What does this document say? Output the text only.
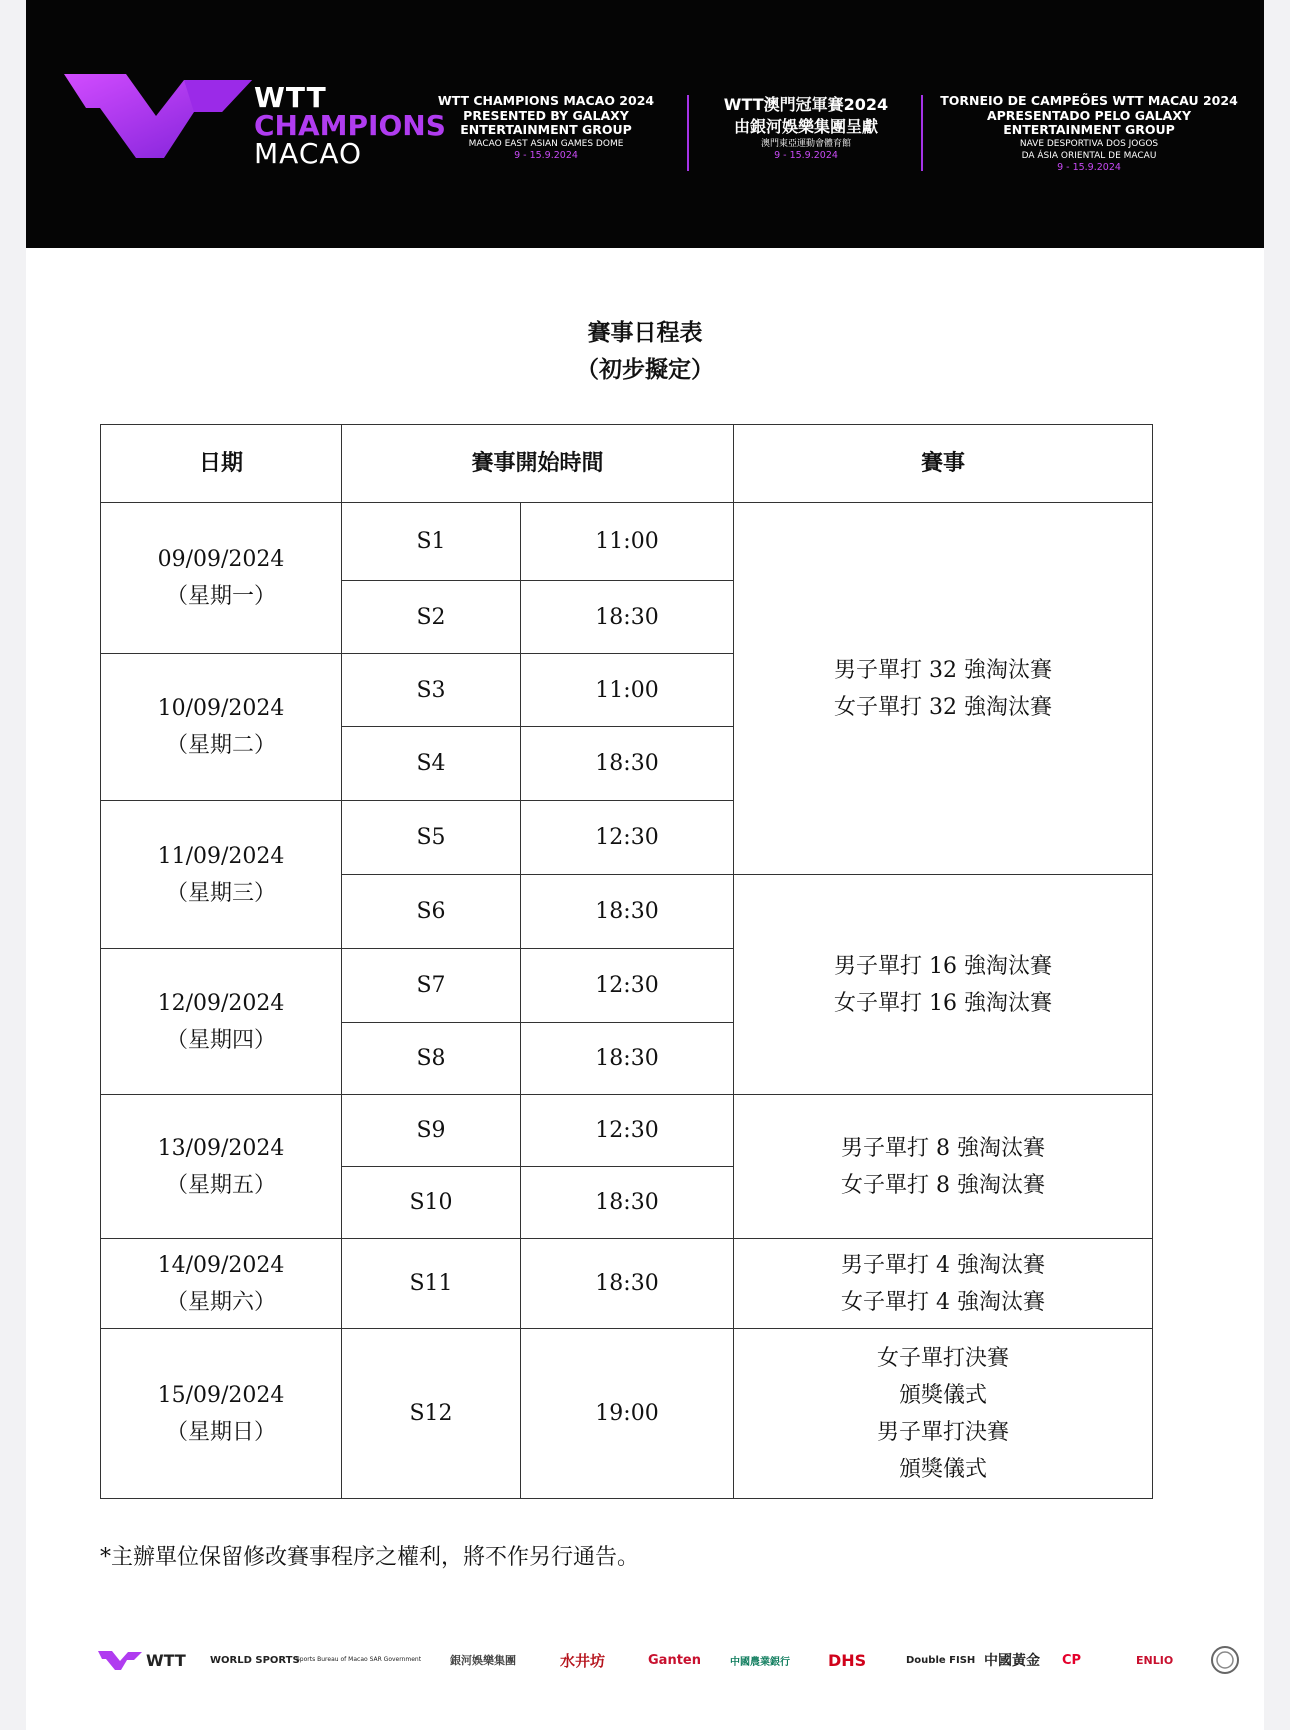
WTT
CHAMPIONS
MACAO
WTT CHAMPIONS MACAO 2024
PRESENTED BY GALAXY
ENTERTAINMENT GROUP
MACAO EAST ASIAN GAMES DOME
9 - 15.9.2024
WTT澳門冠軍賽2024
由銀河娛樂集團呈獻
澳門東亞運動會體育館
9 - 15.9.2024
TORNEIO DE CAMPEÕES WTT MACAU 2024
APRESENTADO PELO GALAXY
ENTERTAINMENT GROUP
NAVE DESPORTIVA DOS JOGOS
DA ÁSIA ORIENTAL DE MACAU
9 - 15.9.2024
賽事日程表
（初步擬定）
日期	賽事開始時間		賽事
09/09/2024
（星期一）	S1	11:00	男子單打 32 強淘汰賽
女子單打 32 強淘汰賽

	S2	18:30	
10/09/2024
（星期二）	S3	11:00	
	S4	18:30	
11/09/2024
（星期三）	S5	12:30	
	S6	18:30	男子單打 16 強淘汰賽
女子單打 16 強淘汰賽

12/09/2024
（星期四）	S7	12:30	
	S8	18:30	
13/09/2024
（星期五）	S9	12:30	男子單打 8 強淘汰賽
女子單打 8 強淘汰賽

	S10	18:30	
14/09/2024
（星期六）	S11	18:30	男子單打 4 強淘汰賽
女子單打 4 強淘汰賽

15/09/2024
（星期日）	S12	19:00	女子單打決賽
頒獎儀式
男子單打決賽
頒獎儀式
*主辦單位保留修改賽事程序之權利，將不作另行通告。
WTT WORLD SPORTS
Sports Bureau of Macao SAR Government	銀河娛樂集團	水井坊	Ganten	中國農業銀行 DHS	Double FISH 中國黃金 CP	ENLIO
